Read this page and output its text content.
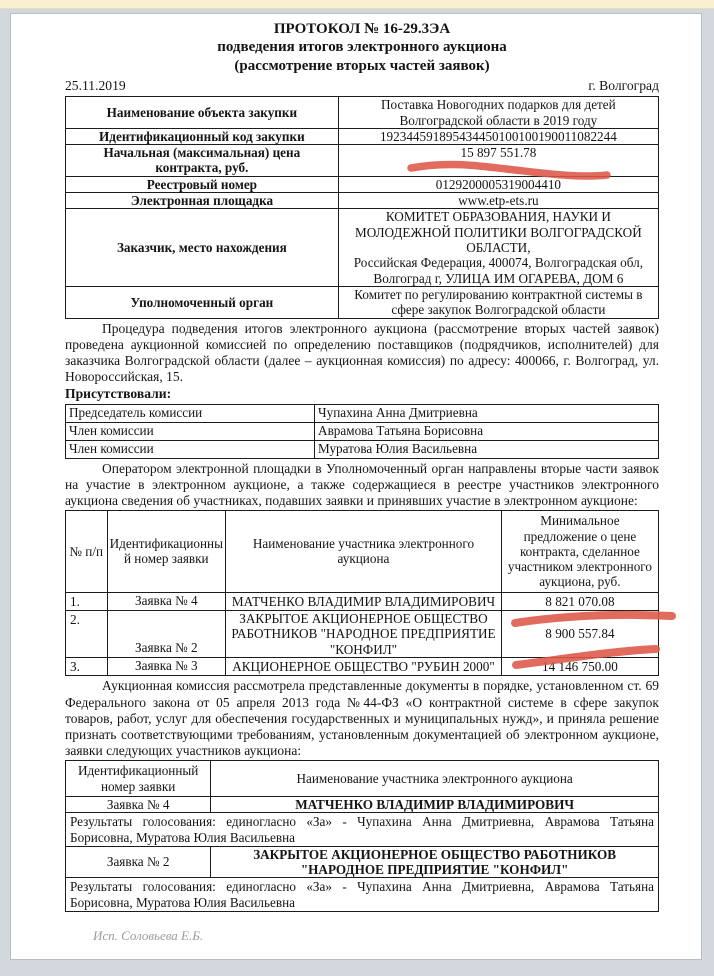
ПРОТОКОЛ № 16-29.3ЭА
подведения итогов электронного аукциона
(рассмотрение вторых частей заявок)
25.11.2019	г. Волгоград
Наименование объекта закупки	Поставка Новогодних подарков для детей Волгоградской области в 2019 году
Идентификационный код закупки	192344591895434450100100190011082244
Начальная (максимальная) цена контракта, руб.	15 897 551.78

Реестровый номер	0129200005319004410
Электронная площадка	www.etp-ets.ru
Заказчик, место нахождения	КОМИТЕТ ОБРАЗОВАНИЯ, НАУКИ И МОЛОДЕЖНОЙ ПОЛИТИКИ ВОЛГОГРАДСКОЙ ОБЛАСТИ,
Российская Федерация, 400074, Волгоградская обл, Волгоград г, УЛИЦА ИМ ОГАРЕВА, ДОМ 6

Уполномоченный орган	Комитет по регулированию контрактной системы в сфере закупок Волгоградской области

Процедура подведения итогов электронного аукциона (рассмотрение вторых частей заявок) проведена аукционной комиссией по определению поставщиков (подрядчиков, исполнителей) для заказчика Волгоградской области (далее – аукционная комиссия) по адресу: 400066, г. Волгоград, ул. Новороссийская, 15.

Присутствовали:
Председатель комиссии	Чупахина Анна Дмитриевна
Член комиссии	Аврамова Татьяна Борисовна
Член комиссии	Муратова Юлия Васильевна

Оператором электронной площадки в Уполномоченный орган направлены вторые части заявок на участие в электронном аукционе, а также содержащиеся в реестре участников электронного аукциона сведения об участниках, подавших заявки и принявших участие в электронном аукционе:

№ п/п	Идентификационный номер заявки	Наименование участника электронного аукциона	Минимальное предложение о цене контракта, сделанное участником электронного аукциона, руб.
1.	Заявка № 4	МАТЧЕНКО ВЛАДИМИР ВЛАДИМИРОВИЧ	8 821 070.08
2.	Заявка № 2	ЗАКРЫТОЕ АКЦИОНЕРНОЕ ОБЩЕСТВО РАБОТНИКОВ "НАРОДНОЕ ПРЕДПРИЯТИЕ "КОНФИЛ"	8 900 557.84

3.	Заявка № 3	АКЦИОНЕРНОЕ ОБЩЕСТВО "РУБИН 2000"	14 146 750.00

Аукционная комиссия рассмотрела представленные документы в порядке, установленном ст. 69 Федерального закона от 05 апреля 2013 года №44-ФЗ «О контрактной системе в сфере закупок товаров, работ, услуг для обеспечения государственных и муниципальных нужд», и приняла решение признать соответствующими требованиям, установленным документацией об электронном аукционе, заявки следующих участников аукциона:

Идентификационный номер заявки	Наименование участника электронного аукциона
Заявка № 4	МАТЧЕНКО ВЛАДИМИР ВЛАДИМИРОВИЧ
Результаты голосования: единогласно «За» - Чупахина Анна Дмитриевна, Аврамова Татьяна Борисовна, Муратова Юлия Васильевна	
Заявка № 2	ЗАКРЫТОЕ АКЦИОНЕРНОЕ ОБЩЕСТВО РАБОТНИКОВ "НАРОДНОЕ ПРЕДПРИЯТИЕ "КОНФИЛ"
Результаты голосования: единогласно «За» - Чупахина Анна Дмитриевна, Аврамова Татьяна Борисовна, Муратова Юлия Васильевна	
Исп. Соловьева Е.Б.
